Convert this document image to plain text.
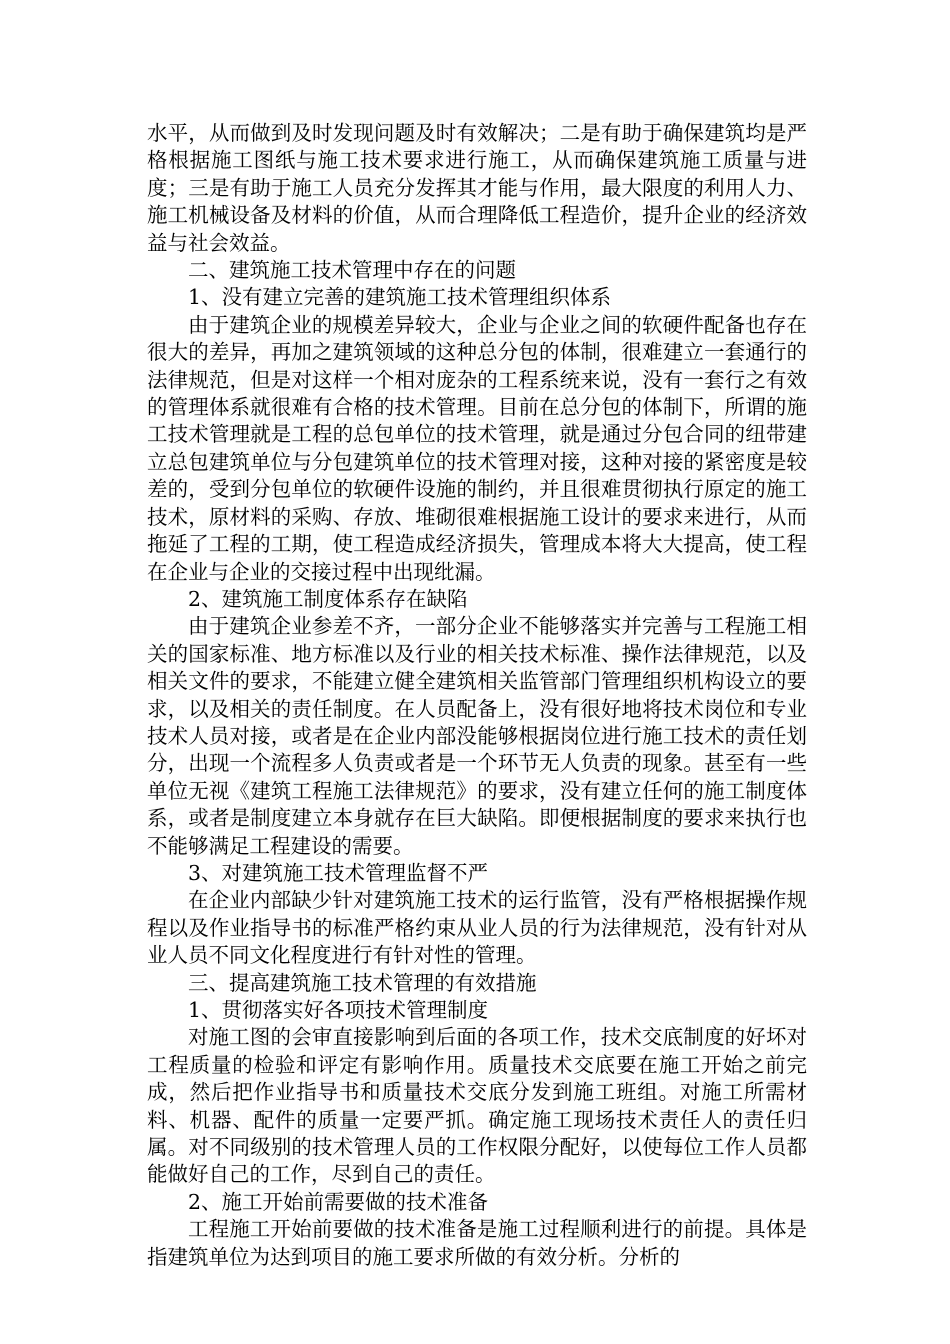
水平，从而做到及时发现问题及时有效解决；二是有助于确保建筑均是严格根据施工图纸与施工技术要求进行施工，从而确保建筑施工质量与进度；三是有助于施工人员充分发挥其才能与作用，最大限度的利用人力、施工机械设备及材料的价值，从而合理降低工程造价，提升企业的经济效益与社会效益。

二、建筑施工技术管理中存在的问题

1、没有建立完善的建筑施工技术管理组织体系

由于建筑企业的规模差异较大，企业与企业之间的软硬件配备也存在很大的差异，再加之建筑领域的这种总分包的体制，很难建立一套通行的法律规范，但是对这样一个相对庞杂的工程系统来说，没有一套行之有效的管理体系就很难有合格的技术管理。目前在总分包的体制下，所谓的施工技术管理就是工程的总包单位的技术管理，就是通过分包合同的纽带建立总包建筑单位与分包建筑单位的技术管理对接，这种对接的紧密度是较差的，受到分包单位的软硬件设施的制约，并且很难贯彻执行原定的施工技术，原材料的采购、存放、堆砌很难根据施工设计的要求来进行，从而拖延了工程的工期，使工程造成经济损失，管理成本将大大提高，使工程在企业与企业的交接过程中出现纰漏。

2、建筑施工制度体系存在缺陷

由于建筑企业参差不齐，一部分企业不能够落实并完善与工程施工相关的国家标准、地方标准以及行业的相关技术标准、操作法律规范，以及相关文件的要求，不能建立健全建筑相关监管部门管理组织机构设立的要求，以及相关的责任制度。在人员配备上，没有很好地将技术岗位和专业技术人员对接，或者是在企业内部没能够根据岗位进行施工技术的责任划分，出现一个流程多人负责或者是一个环节无人负责的现象。甚至有一些单位无视《建筑工程施工法律规范》的要求，没有建立任何的施工制度体系，或者是制度建立本身就存在巨大缺陷。即便根据制度的要求来执行也不能够满足工程建设的需要。

3、对建筑施工技术管理监督不严

在企业内部缺少针对建筑施工技术的运行监管，没有严格根据操作规程以及作业指导书的标准严格约束从业人员的行为法律规范，没有针对从业人员不同文化程度进行有针对性的管理。

三、提高建筑施工技术管理的有效措施

1、贯彻落实好各项技术管理制度

对施工图的会审直接影响到后面的各项工作，技术交底制度的好坏对工程质量的检验和评定有影响作用。质量技术交底要在施工开始之前完成，然后把作业指导书和质量技术交底分发到施工班组。对施工所需材料、机器、配件的质量一定要严抓。确定施工现场技术责任人的责任归属。对不同级别的技术管理人员的工作权限分配好，以使每位工作人员都能做好自己的工作，尽到自己的责任。

2、施工开始前需要做的技术准备

工程施工开始前要做的技术准备是施工过程顺利进行的前提。具体是指建筑单位为达到项目的施工要求所做的有效分析。分析的
